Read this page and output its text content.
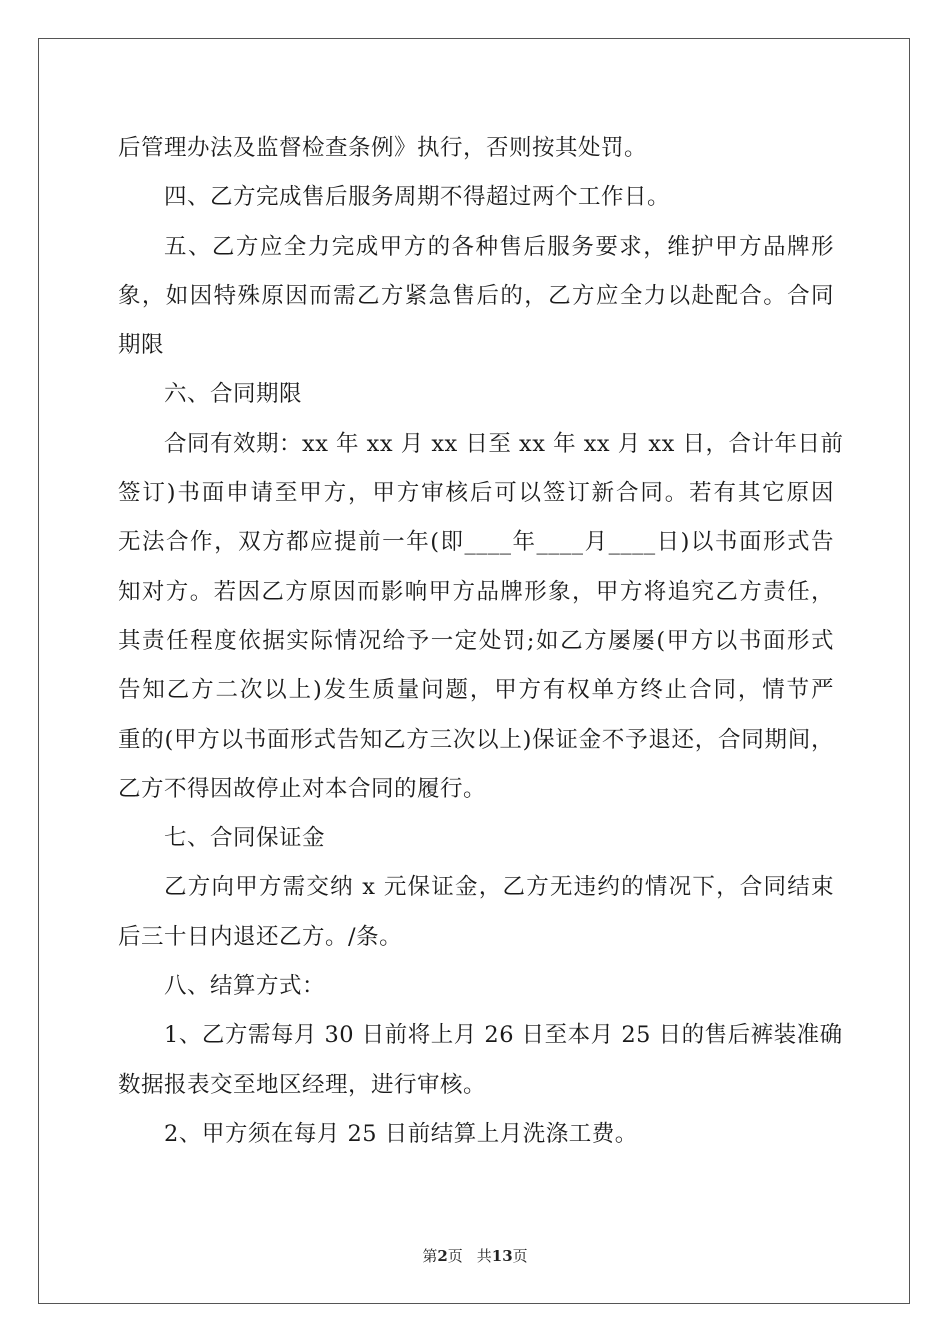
后管理办法及监督检查条例》执行，否则按其处罚。
四、乙方完成售后服务周期不得超过两个工作日。
五、乙方应全力完成甲方的各种售后服务要求，维护甲方品牌形
象，如因特殊原因而需乙方紧急售后的，乙方应全力以赴配合。合同
期限
六、合同期限
合同有效期：xx 年 xx 月 xx 日至 xx 年 xx 月 xx 日，合计年日前
签订)书面申请至甲方，甲方审核后可以签订新合同。若有其它原因
无法合作，双方都应提前一年(即____年____月____日)以书面形式告
知对方。若因乙方原因而影响甲方品牌形象，甲方将追究乙方责任，
其责任程度依据实际情况给予一定处罚;如乙方屡屡(甲方以书面形式
告知乙方二次以上)发生质量问题，甲方有权单方终止合同，情节严
重的(甲方以书面形式告知乙方三次以上)保证金不予退还，合同期间，
乙方不得因故停止对本合同的履行。
七、合同保证金
乙方向甲方需交纳 x 元保证金，乙方无违约的情况下，合同结束
后三十日内退还乙方。/条。
八、结算方式：
1、乙方需每月 30 日前将上月 26 日至本月 25 日的售后裤装准确
数据报表交至地区经理，进行审核。
2、甲方须在每月 25 日前结算上月洗涤工费。
第2页 共13页
